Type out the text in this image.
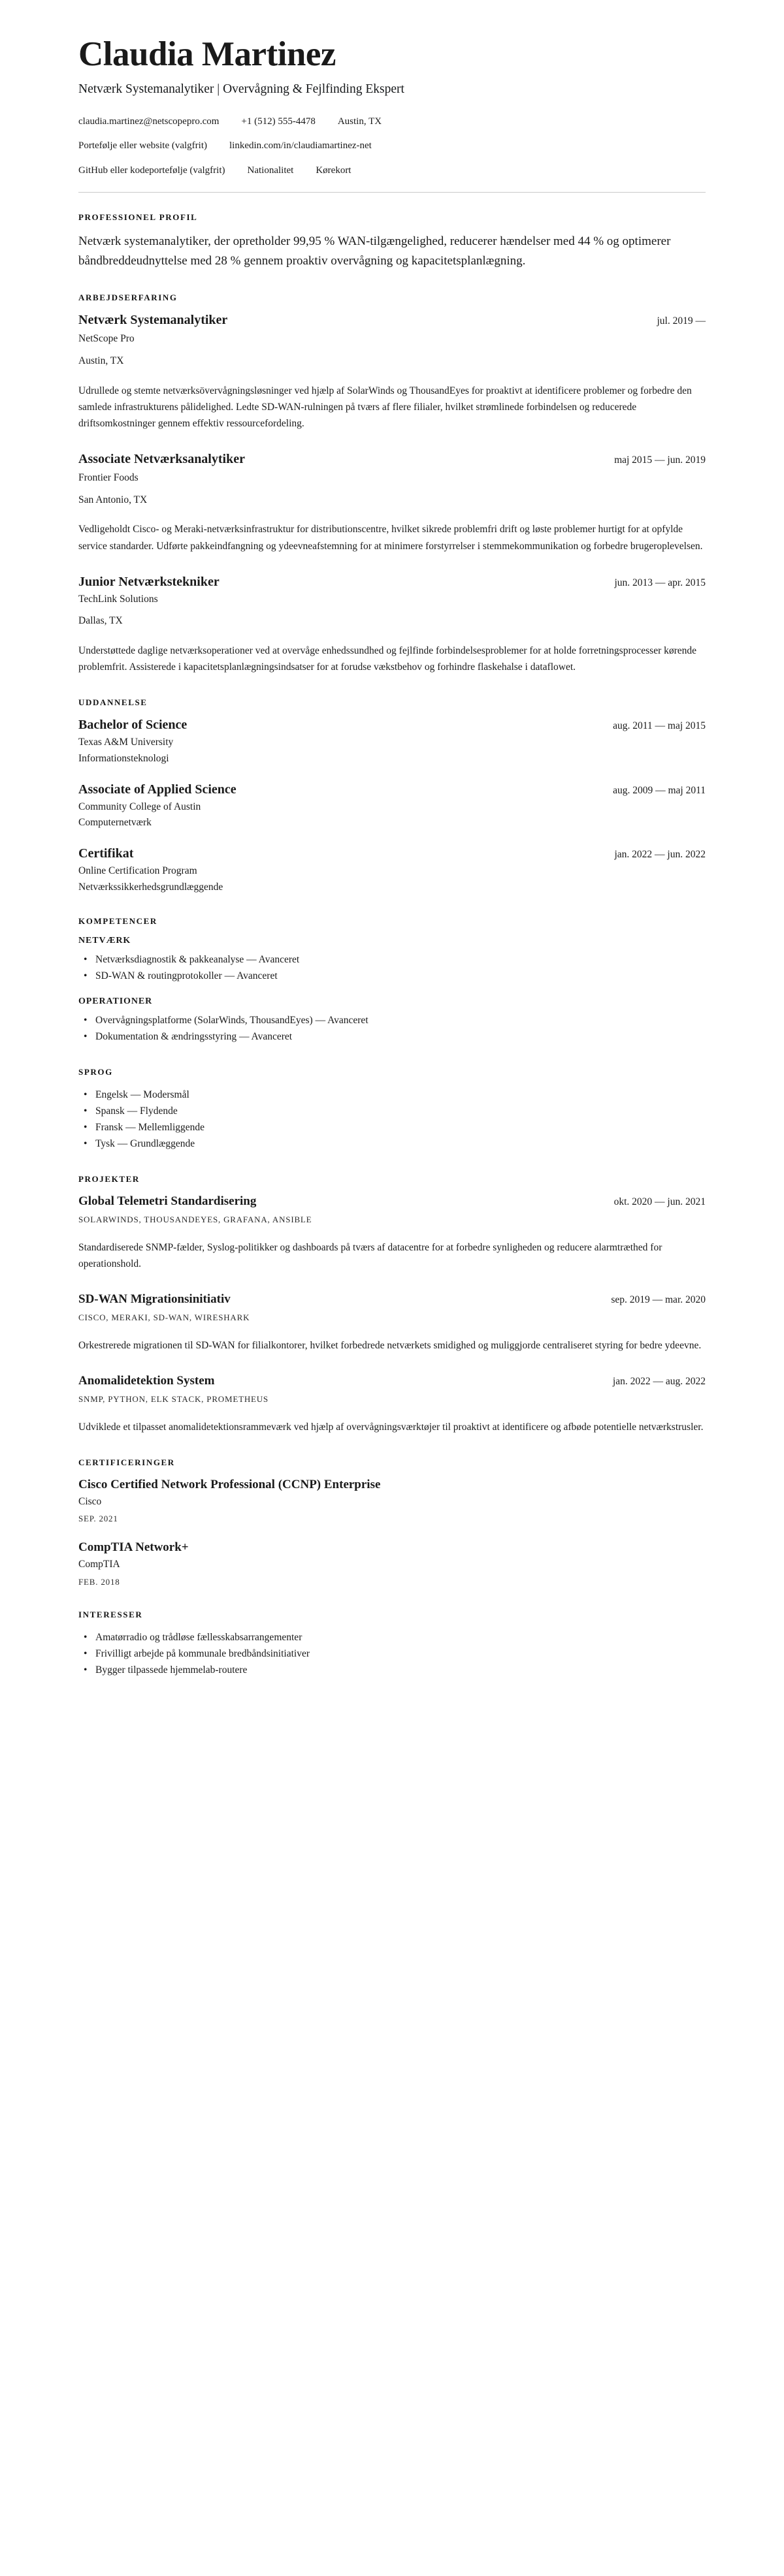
Claudia Martinez
Netværk Systemanalytiker | Overvågning & Fejlfinding Ekspert
claudia.martinez@netscopepro.com +1 (512) 555-4478 Austin, TX
Portefølje eller website (valgfrit) linkedin.com/in/claudiamartinez-net
GitHub eller kodeportefølje (valgfrit) Nationalitet Kørekort
PROFESSIONEL PROFIL

Netværk systemanalytiker, der opretholder 99,95 % WAN-tilgængelighed, reducerer hændelser med 44 % og optimerer båndbreddeudnyttelse med 28 % gennem proaktiv overvågning og kapacitetsplanlægning.

ARBEJDSERFARING
Netværk Systemanalytiker	jul. 2019 —

NetScope Pro

Austin, TX

Udrullede og stemte netværksövervågningsløsninger ved hjælp af SolarWinds og ThousandEyes for proaktivt at identificere problemer og forbedre den samlede infrastrukturens pålidelighed. Ledte SD-WAN-rulningen på tværs af flere filialer, hvilket strømlinede forbindelsen og reducerede driftsomkostninger gennem effektiv ressourcefordeling.

Associate Netværksanalytiker	maj 2015 — jun. 2019

Frontier Foods

San Antonio, TX

Vedligeholdt Cisco- og Meraki-netværksinfrastruktur for distributionscentre, hvilket sikrede problemfri drift og løste problemer hurtigt for at opfylde service standarder. Udførte pakkeindfangning og ydeevneafstemning for at minimere forstyrrelser i stemmekommunikation og forbedre brugeroplevelsen.

Junior Netværkstekniker	jun. 2013 — apr. 2015

TechLink Solutions

Dallas, TX

Understøttede daglige netværksoperationer ved at overvåge enhedssundhed og fejlfinde forbindelsesproblemer for at holde forretningsprocesser kørende problemfrit. Assisterede i kapacitetsplanlægningsindsatser for at forudse vækstbehov og forhindre flaskehalse i dataflowet.

UDDANNELSE
Bachelor of Science	aug. 2011 — maj 2015

Texas A&M University

Informationsteknologi

Associate of Applied Science	aug. 2009 — maj 2011

Community College of Austin

Computernetværk

Certifikat	jan. 2022 — jun. 2022

Online Certification Program

Netværkssikkerhedsgrundlæggende

KOMPETENCER
NETVÆRK
• Netværksdiagnostik & pakkeanalyse — Avanceret
• SD-WAN & routingprotokoller — Avanceret
OPERATIONER
• Overvågningsplatforme (SolarWinds, ThousandEyes) — Avanceret
• Dokumentation & ændringsstyring — Avanceret
SPROG
• Engelsk — Modersmål
• Spansk — Flydende
• Fransk — Mellemliggende
• Tysk — Grundlæggende
PROJEKTER
Global Telemetri Standardisering	okt. 2020 — jun. 2021

SOLARWINDS, THOUSANDEYES, GRAFANA, ANSIBLE

Standardiserede SNMP-fælder, Syslog-politikker og dashboards på tværs af datacentre for at forbedre synligheden og reducere alarmtræthed for operationshold.

SD-WAN Migrationsinitiativ	sep. 2019 — mar. 2020

CISCO, MERAKI, SD-WAN, WIRESHARK

Orkestrerede migrationen til SD-WAN for filialkontorer, hvilket forbedrede netværkets smidighed og muliggjorde centraliseret styring for bedre ydeevne.

Anomalidetektion System	jan. 2022 — aug. 2022

SNMP, PYTHON, ELK STACK, PROMETHEUS

Udviklede et tilpasset anomalidetektionsrammeværk ved hjælp af overvågningsværktøjer til proaktivt at identificere og afbøde potentielle netværkstrusler.

CERTIFICERINGER
Cisco Certified Network Professional (CCNP) Enterprise

Cisco

SEP. 2021

CompTIA Network+

CompTIA

FEB. 2018

INTERESSER
• Amatørradio og trådløse fællesskabsarrangementer
• Frivilligt arbejde på kommunale bredbåndsinitiativer
• Bygger tilpassede hjemmelab-routere
